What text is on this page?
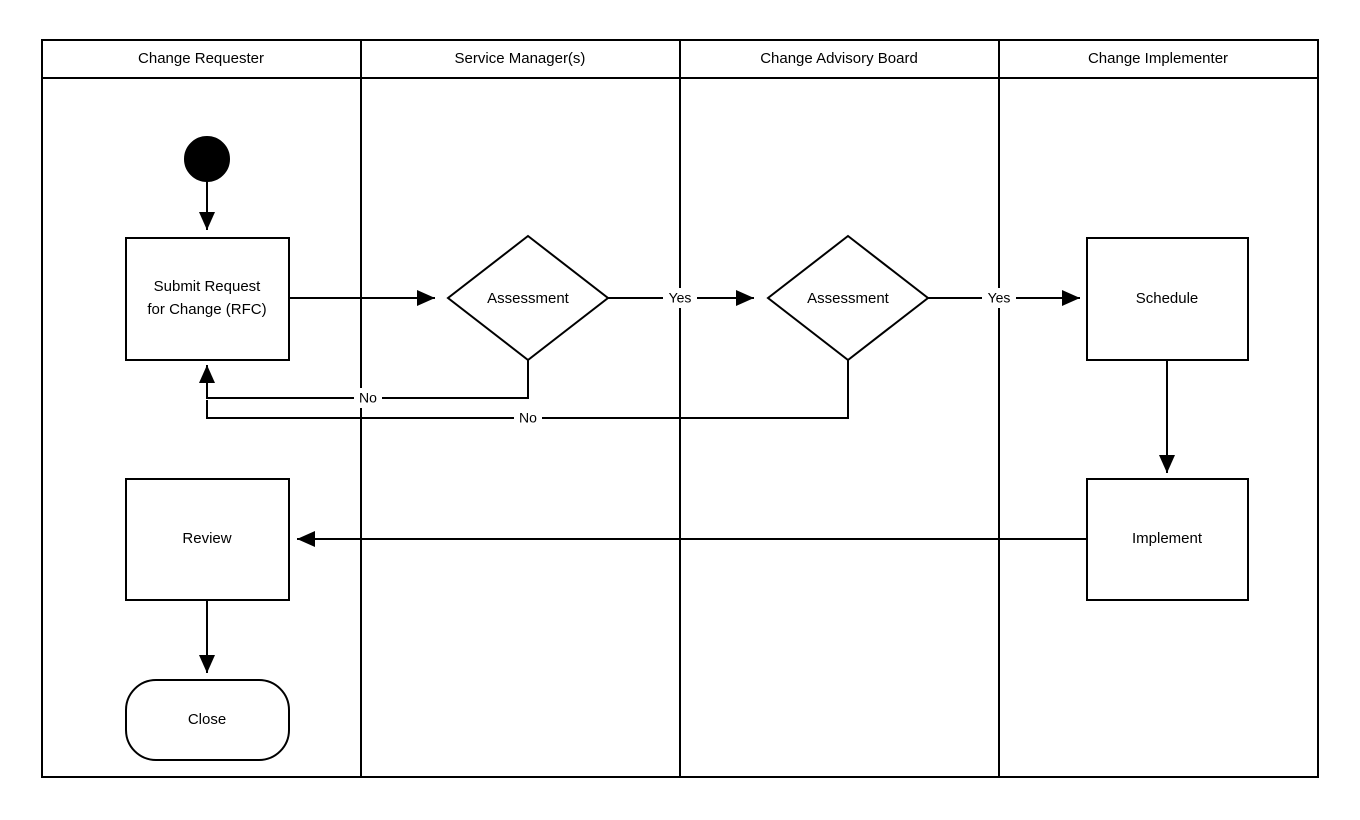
Change Requester	Service Manager(s)	Change Advisory Board	Change Implementer
Submit Request
for Change (RFC)
Assessment	Assessment	Schedule
Implement
Review
Close
Yes	Yes
No
No
